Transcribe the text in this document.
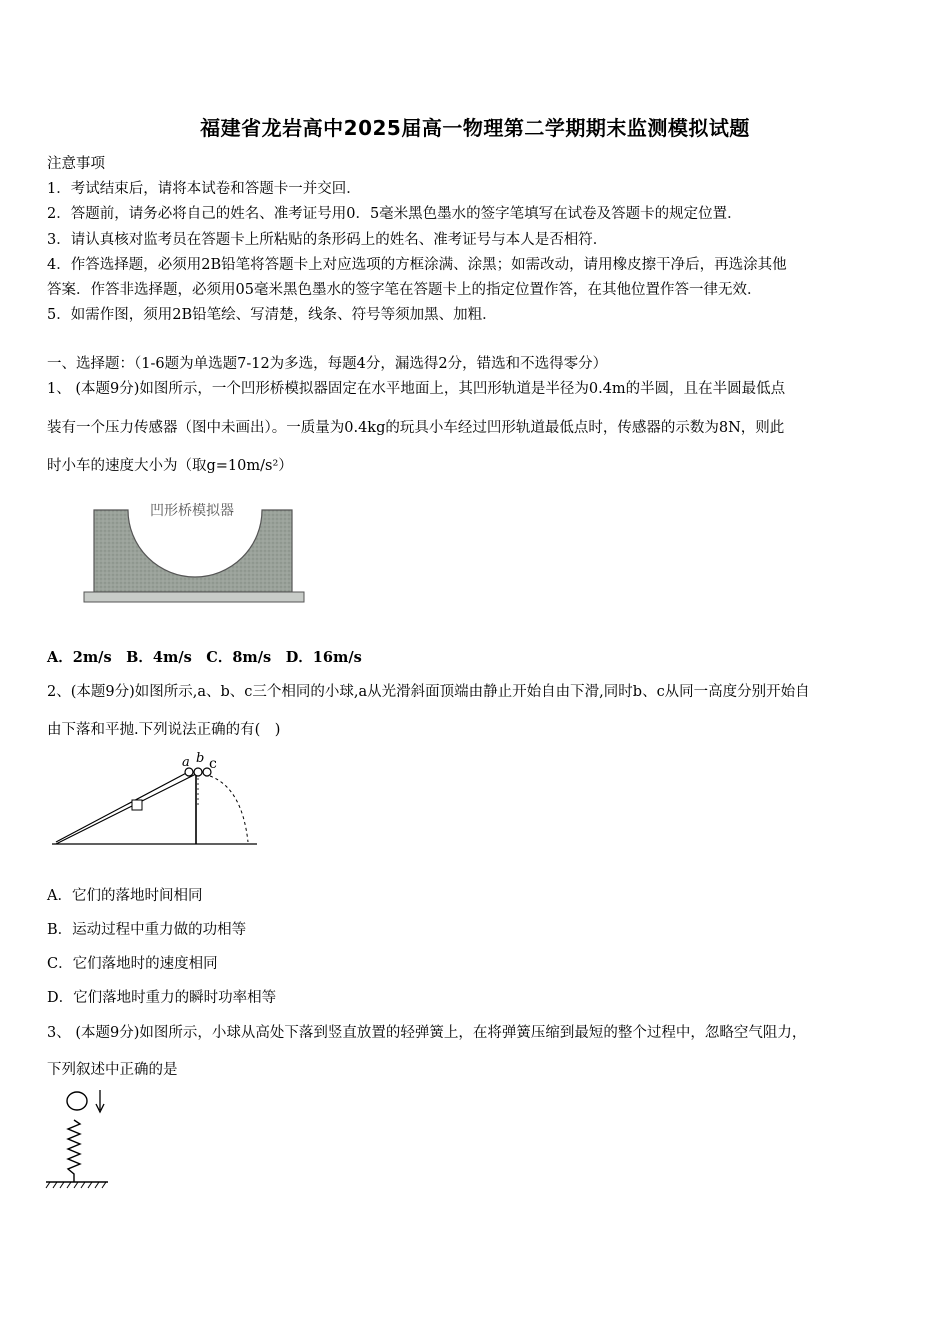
福建省龙岩高中2025届高一物理第二学期期末监测模拟试题
注意事项
1．考试结束后，请将本试卷和答题卡一并交回．
2．答题前，请务必将自己的姓名、准考证号用0．5毫米黑色墨水的签字笔填写在试卷及答题卡的规定位置．
3．请认真核对监考员在答题卡上所粘贴的条形码上的姓名、准考证号与本人是否相符．
4．作答选择题，必须用2B铅笔将答题卡上对应选项的方框涂满、涂黑；如需改动，请用橡皮擦干净后，再选涂其他
答案．作答非选择题，必须用05毫米黑色墨水的签字笔在答题卡上的指定位置作答，在其他位置作答一律无效．
5．如需作图，须用2B铅笔绘、写清楚，线条、符号等须加黑、加粗．
一、选择题：（1-6题为单选题7-12为多选，每题4分，漏选得2分，错选和不选得零分）
1、 (本题9分)如图所示，一个凹形桥模拟器固定在水平地面上，其凹形轨道是半径为0.4m的半圆，且在半圆最低点
装有一个压力传感器（图中未画出）。一质量为0.4kg的玩具小车经过凹形轨道最低点时，传感器的示数为8N，则此
时小车的速度大小为（取g=10m/s²）
凹形桥模拟器
A．2m/s　B．4m/s　C．8m/s　D．16m/s
2、(本题9分)如图所示,a、b、c三个相同的小球,a从光滑斜面顶端由静止开始自由下滑,同时b、c从同一高度分别开始自
由下落和平抛.下列说法正确的有(　)
a b c
A．它们的落地时间相同
B．运动过程中重力做的功相等
C．它们落地时的速度相同
D．它们落地时重力的瞬时功率相等
3、 (本题9分)如图所示，小球从高处下落到竖直放置的轻弹簧上，在将弹簧压缩到最短的整个过程中，忽略空气阻力，
下列叙述中正确的是
